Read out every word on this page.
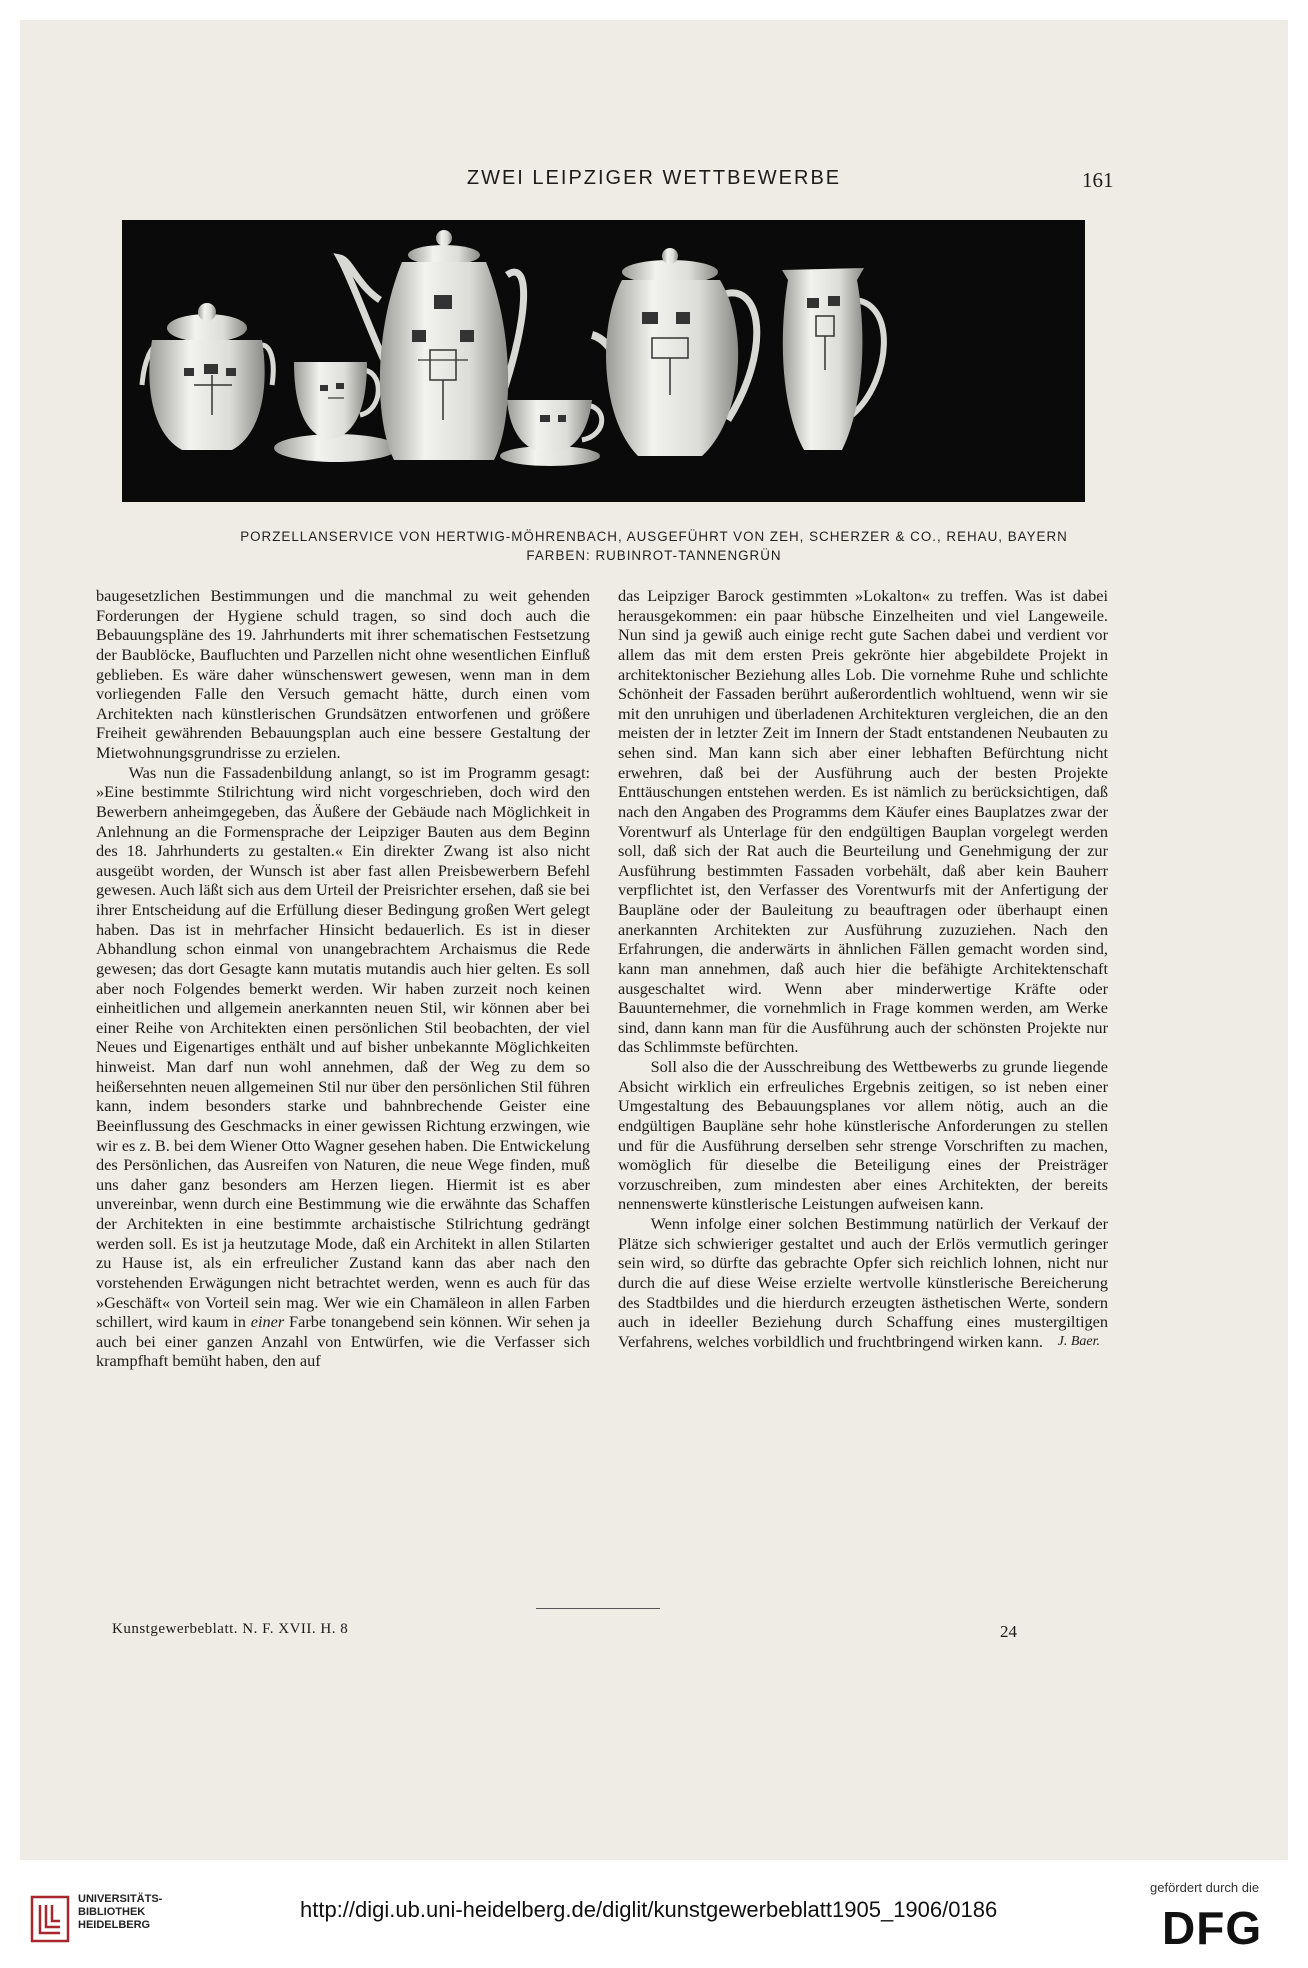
ZWEI LEIPZIGER WETTBEWERBE	161
PORZELLANSERVICE VON HERTWIG-MÖHRENBACH, AUSGEFÜHRT VON ZEH, SCHERZER & CO., REHAU, BAYERN
FARBEN: RUBINROT-TANNENGRÜN

baugesetzlichen Bestimmungen und die manchmal zu weit gehenden Forderungen der Hygiene schuld tragen, so sind doch auch die Bebauungspläne des 19. Jahrhunderts mit ihrer schematischen Festsetzung der Baublöcke, Baufluchten und Parzellen nicht ohne wesentlichen Einfluß geblieben. Es wäre daher wünschenswert gewesen, wenn man in dem vorliegenden Falle den Versuch gemacht hätte, durch einen vom Architekten nach künstlerischen Grundsätzen entworfenen und größere Freiheit gewährenden Bebauungsplan auch eine bessere Gestaltung der Mietwohnungsgrundrisse zu erzielen.

Was nun die Fassadenbildung anlangt, so ist im Programm gesagt: »Eine bestimmte Stilrichtung wird nicht vorgeschrieben, doch wird den Bewerbern anheimgegeben, das Äußere der Gebäude nach Möglichkeit in Anlehnung an die Formensprache der Leipziger Bauten aus dem Beginn des 18. Jahrhunderts zu gestalten.« Ein direkter Zwang ist also nicht ausgeübt worden, der Wunsch ist aber fast allen Preisbewerbern Befehl gewesen. Auch läßt sich aus dem Urteil der Preisrichter ersehen, daß sie bei ihrer Entscheidung auf die Erfüllung dieser Bedingung großen Wert gelegt haben. Das ist in mehrfacher Hinsicht bedauerlich. Es ist in dieser Abhandlung schon einmal von unangebrachtem Archaismus die Rede gewesen; das dort Gesagte kann mutatis mutandis auch hier gelten. Es soll aber noch Folgendes bemerkt werden. Wir haben zurzeit noch keinen einheitlichen und allgemein anerkannten neuen Stil, wir können aber bei einer Reihe von Architekten einen persönlichen Stil beobachten, der viel Neues und Eigenartiges enthält und auf bisher unbekannte Möglichkeiten hinweist. Man darf nun wohl annehmen, daß der Weg zu dem so heißersehnten neuen allgemeinen Stil nur über den persönlichen Stil führen kann, indem besonders starke und bahnbrechende Geister eine Beeinflussung des Geschmacks in einer gewissen Richtung erzwingen, wie wir es z. B. bei dem Wiener Otto Wagner gesehen haben. Die Entwickelung des Persönlichen, das Ausreifen von Naturen, die neue Wege finden, muß uns daher ganz besonders am Herzen liegen. Hiermit ist es aber unvereinbar, wenn durch eine Bestimmung wie die erwähnte das Schaffen der Architekten in eine bestimmte archaistische Stilrichtung gedrängt werden soll. Es ist ja heutzutage Mode, daß ein Architekt in allen Stilarten zu Hause ist, als ein erfreulicher Zustand kann das aber nach den vorstehenden Erwägungen nicht betrachtet werden, wenn es auch für das »Geschäft« von Vorteil sein mag. Wer wie ein Chamäleon in allen Farben schillert, wird kaum in einer Farbe tonangebend sein können. Wir sehen ja auch bei einer ganzen Anzahl von Entwürfen, wie die Verfasser sich krampfhaft bemüht haben, den auf

das Leipziger Barock gestimmten »Lokalton« zu treffen. Was ist dabei herausgekommen: ein paar hübsche Einzelheiten und viel Langeweile. Nun sind ja gewiß auch einige recht gute Sachen dabei und verdient vor allem das mit dem ersten Preis gekrönte hier abgebildete Projekt in architektonischer Beziehung alles Lob. Die vornehme Ruhe und schlichte Schönheit der Fassaden berührt außerordentlich wohltuend, wenn wir sie mit den unruhigen und überladenen Architekturen vergleichen, die an den meisten der in letzter Zeit im Innern der Stadt entstandenen Neubauten zu sehen sind. Man kann sich aber einer lebhaften Befürchtung nicht erwehren, daß bei der Ausführung auch der besten Projekte Enttäuschungen entstehen werden. Es ist nämlich zu berücksichtigen, daß nach den Angaben des Programms dem Käufer eines Bauplatzes zwar der Vorentwurf als Unterlage für den endgültigen Bauplan vorgelegt werden soll, daß sich der Rat auch die Beurteilung und Genehmigung der zur Ausführung bestimmten Fassaden vorbehält, daß aber kein Bauherr verpflichtet ist, den Verfasser des Vorentwurfs mit der Anfertigung der Baupläne oder der Bauleitung zu beauftragen oder überhaupt einen anerkannten Architekten zur Ausführung zuzuziehen. Nach den Erfahrungen, die anderwärts in ähnlichen Fällen gemacht worden sind, kann man annehmen, daß auch hier die befähigte Architektenschaft ausgeschaltet wird. Wenn aber minderwertige Kräfte oder Bauunternehmer, die vornehmlich in Frage kommen werden, am Werke sind, dann kann man für die Ausführung auch der schönsten Projekte nur das Schlimmste befürchten.

Soll also die der Ausschreibung des Wettbewerbs zu grunde liegende Absicht wirklich ein erfreuliches Ergebnis zeitigen, so ist neben einer Umgestaltung des Bebauungsplanes vor allem nötig, auch an die endgültigen Baupläne sehr hohe künstlerische Anforderungen zu stellen und für die Ausführung derselben sehr strenge Vorschriften zu machen, womöglich für dieselbe die Beteiligung eines der Preisträger vorzuschreiben, zum mindesten aber eines Architekten, der bereits nennenswerte künstlerische Leistungen aufweisen kann.

Wenn infolge einer solchen Bestimmung natürlich der Verkauf der Plätze sich schwieriger gestaltet und auch der Erlös vermutlich geringer sein wird, so dürfte das gebrachte Opfer sich reichlich lohnen, nicht nur durch die auf diese Weise erzielte wertvolle künstlerische Bereicherung des Stadtbildes und die hierdurch erzeugten ästhetischen Werte, sondern auch in ideeller Beziehung durch Schaffung eines mustergiltigen Verfahrens, welches vorbildlich und fruchtbringend wirken kann.	J. Baer.
Kunstgewerbeblatt. N. F. XVII. H. 8	24
UNIVERSITÄTS-
BIBLIOTHEK
HEIDELBERG
http://digi.ub.uni-heidelberg.de/diglit/kunstgewerbeblatt1905_1906/0186
gefördert durch die
DFG
